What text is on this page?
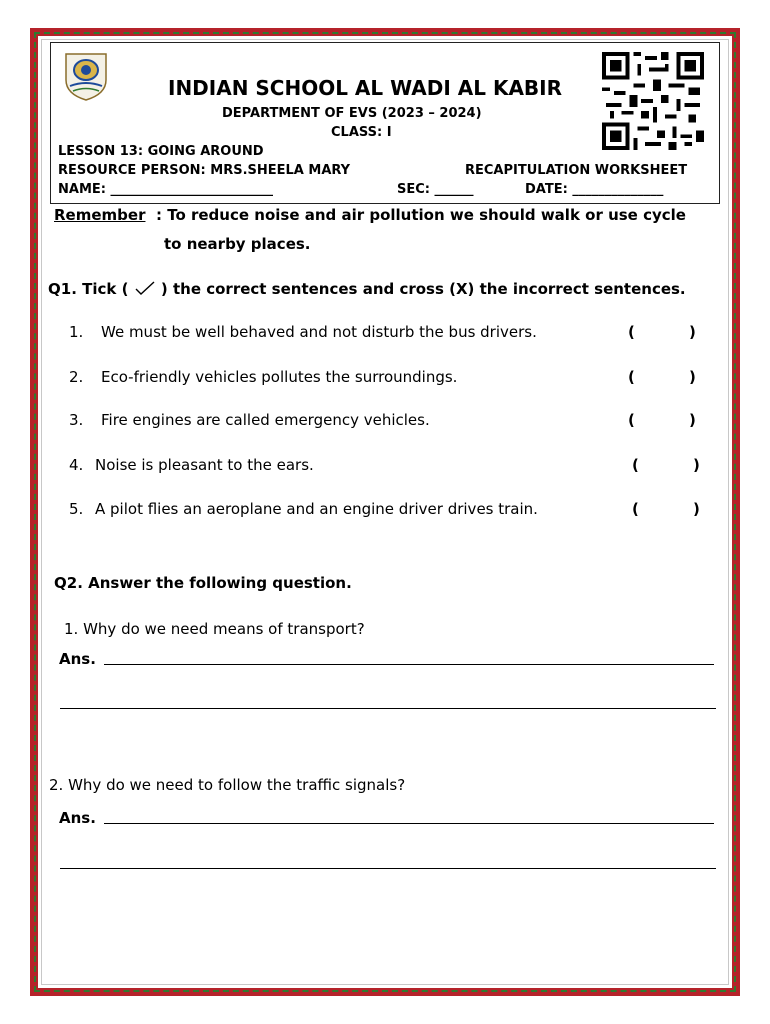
INDIAN SCHOOL AL WADI AL KABIR
DEPARTMENT OF EVS (2023 – 2024)
CLASS: I
LESSON 13: GOING AROUND
RESOURCE PERSON: MRS.SHEELA MARY	RECAPITULATION WORKSHEET
NAME: _________________________	SEC: ______	DATE: ______________
Remember : To reduce noise and air pollution we should walk or use cycle
to nearby places.
Q1. Tick ( ) the correct sentences and cross (X) the incorrect sentences.
1. We must be well behaved and not disturb the bus drivers.	(	)
2. Eco-friendly vehicles pollutes the surroundings.	(	)
3. Fire engines are called emergency vehicles.	(	)
4. Noise is pleasant to the ears.	(	)
5. A pilot flies an aeroplane and an engine driver drives train.	(	)
Q2. Answer the following question.
1. Why do we need means of transport?
Ans.
2. Why do we need to follow the traffic signals?
Ans.
